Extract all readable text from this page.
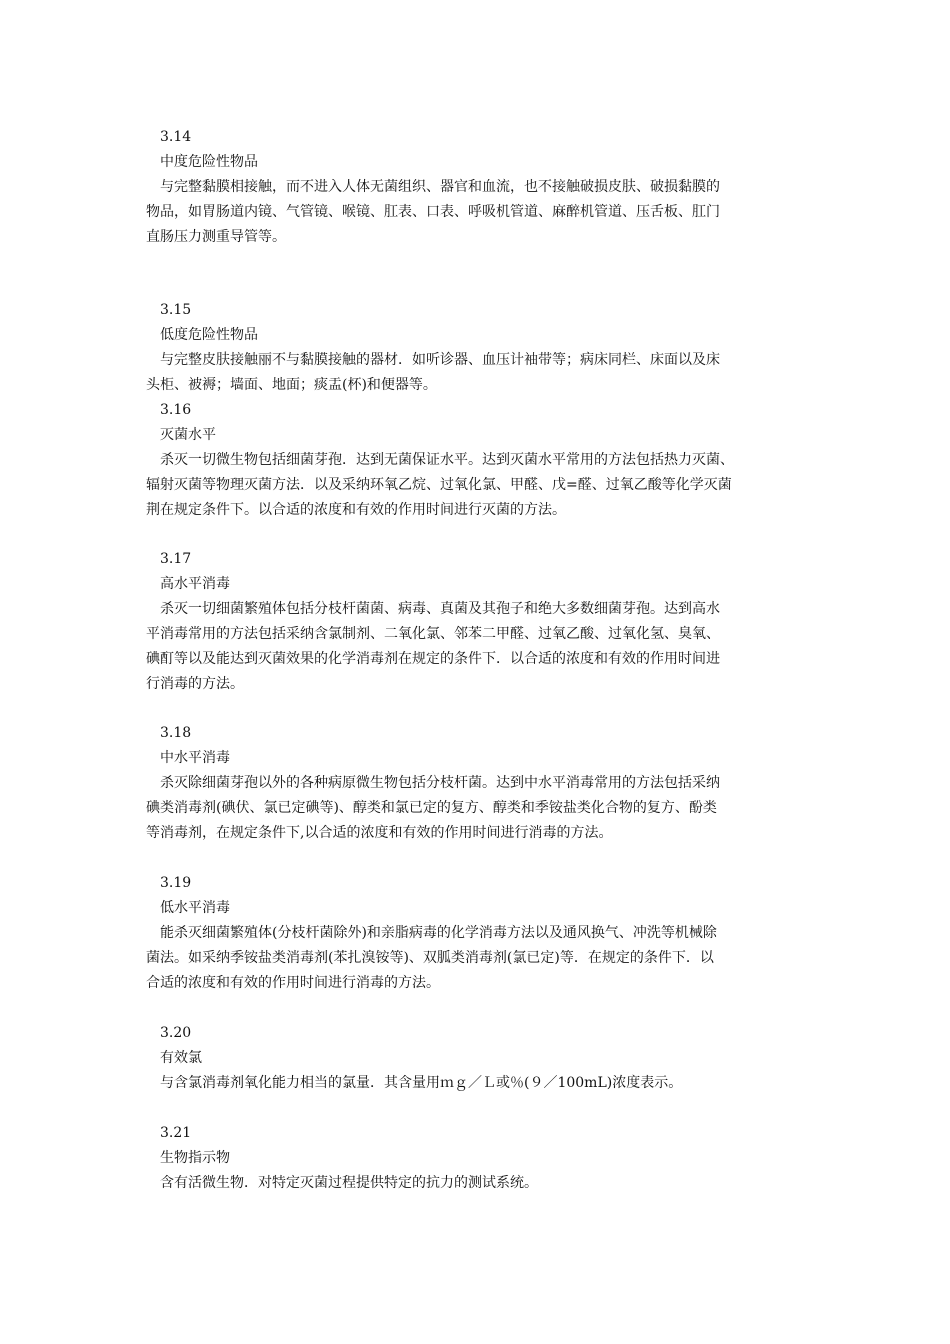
3.14
中度危险性物品
与完整黏膜相接触，而不进入人体无菌组织、器官和血流，也不接触破损皮肤、破损黏膜的
物品，如胃肠道内镜、气管镜、喉镜、肛表、口表、呼吸机管道、麻醉机管道、压舌板、肛门
直肠压力测重导管等。
3.15
低度危险性物品
与完整皮肤接触丽不与黏膜接触的器材．如听诊器、血压计袖带等；病床同栏、床面以及床
头柜、被褥；墙面、地面；痰盂(杯)和便器等。
3.16
灭菌水平
杀灭一切微生物包括细菌芽孢．达到无菌保证水平。达到灭菌水平常用的方法包括热力灭菌、
辐射灭菌等物理灭菌方法．以及采纳环氧乙烷、过氧化氯、甲醛、戊=醛、过氧乙酸等化学灭菌
荆在规定条件下。以合适的浓度和有效的作用时间进行灭菌的方法。
3.17
高水平消毒
杀灭一切细菌繁殖体包括分枝杆菌菌、病毒、真菌及其孢子和绝大多数细菌芽孢。达到高水
平消毒常用的方法包括采纳含氯制剂、二氧化氯、邻苯二甲醛、过氧乙酸、过氧化氢、臭氧、
碘酊等以及能达到灭菌效果的化学消毒剂在规定的条件下．以合适的浓度和有效的作用时间进
行消毒的方法。
3.18
中水平消毒
杀灭除细菌芽孢以外的各种病原微生物包括分枝杆菌。达到中水平消毒常用的方法包括采纳
碘类消毒剂(碘伏、氯已定碘等)、醇类和氯已定的复方、醇类和季铵盐类化合物的复方、酚类
等消毒剂，在规定条件下,以合适的浓度和有效的作用时间进行消毒的方法。
3.19
低水平消毒
能杀灭细菌繁殖体(分枝杆菌除外)和亲脂病毒的化学消毒方法以及通风换气、冲洗等机械除
菌法。如采纳季铵盐类消毒剂(苯扎溴铵等)、双胍类消毒剂(氯已定)等．在规定的条件下．以
合适的浓度和有效的作用时间进行消毒的方法。
3.20
有效氯
与含氯消毒剂氧化能力相当的氯量．其含量用ｍｇ／Ｌ或％(９／100mL)浓度表示。
3.21
生物指示物
含有活微生物．对特定灭菌过程提供特定的抗力的测试系统。
